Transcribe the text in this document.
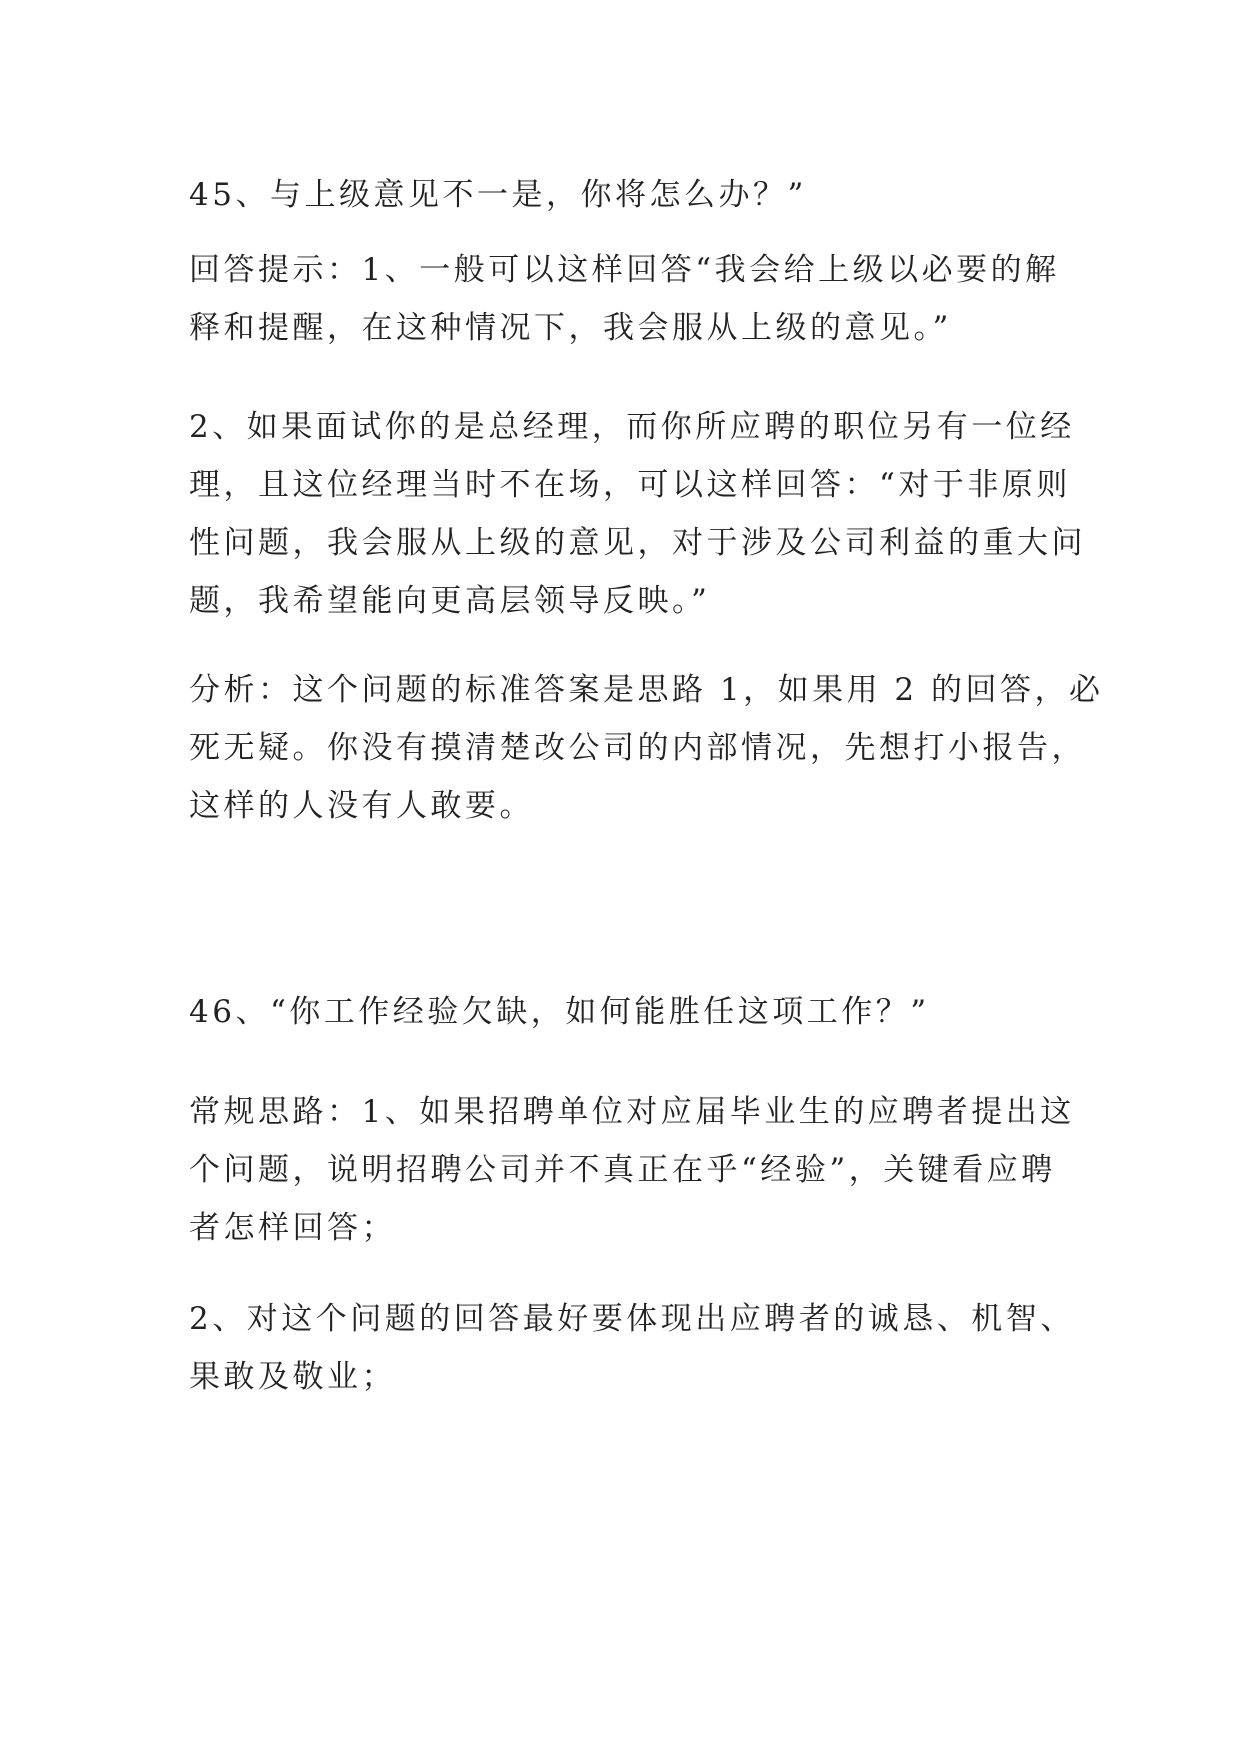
45、与上级意见不一是，你将怎么办？”

回答提示：1、一般可以这样回答“我会给上级以必要的解
释和提醒，在这种情况下，我会服从上级的意见。”

2、如果面试你的是总经理，而你所应聘的职位另有一位经
理，且这位经理当时不在场，可以这样回答：“对于非原则
性问题，我会服从上级的意见，对于涉及公司利益的重大问
题，我希望能向更高层领导反映。”

分析：这个问题的标准答案是思路 1，如果用 2 的回答，必
死无疑。你没有摸清楚改公司的内部情况，先想打小报告，
这样的人没有人敢要。

46、“你工作经验欠缺，如何能胜任这项工作？”

常规思路：1、如果招聘单位对应届毕业生的应聘者提出这
个问题，说明招聘公司并不真正在乎“经验”，关键看应聘
者怎样回答；

2、对这个问题的回答最好要体现出应聘者的诚恳、机智、
果敢及敬业；
